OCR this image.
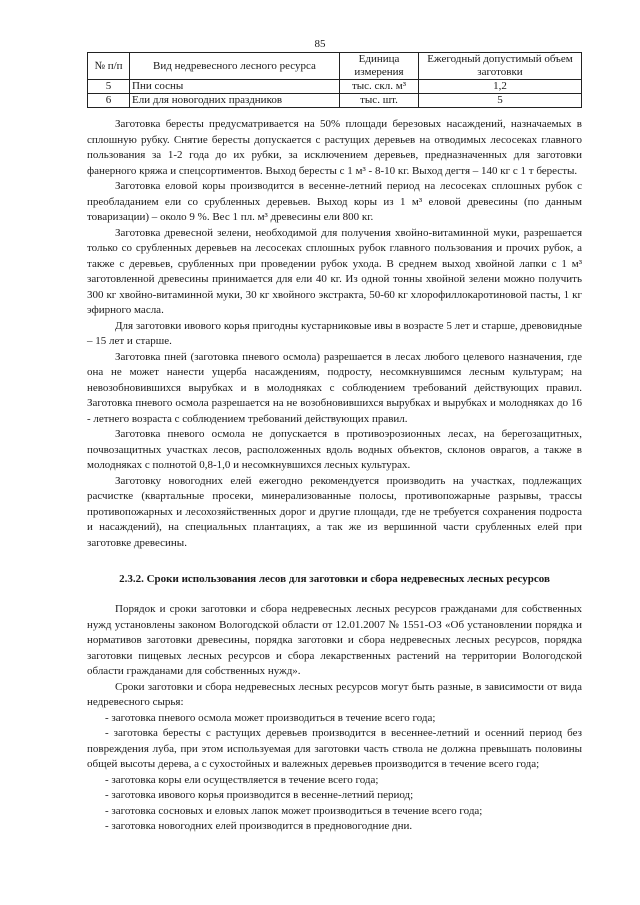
85
№ п/п	Вид недревесного лесного ресурса	Единица измерения	Ежегодный допустимый объем заготовки
5	Пни сосны	тыс. скл. м³	1,2
6	Ели для новогодних праздников	тыс. шт.	5

Заготовка бересты предусматривается на 50% площади березовых насаждений, назначаемых в сплошную рубку. Снятие бересты допускается с растущих деревьев на отводимых лесосеках главного пользования за 1-2 года до их рубки, за исключением деревьев, предназначенных для заготовки фанерного кряжа и спецсортиментов. Выход бересты с 1 м³ - 8-10 кг. Выход дегтя – 140 кг с 1 т бересты.

Заготовка еловой коры производится в весенне-летний период на лесосеках сплошных рубок с преобладанием ели со срубленных деревьев. Выход коры из 1 м³ еловой древесины (по данным товаризации) – около 9 %. Вес 1 пл. м³ древесины ели 800 кг.

Заготовка древесной зелени, необходимой для получения хвойно-витаминной муки, разрешается только со срубленных деревьев на лесосеках сплошных рубок главного пользования и прочих рубок, а также с деревьев, срубленных при проведении рубок ухода. В среднем выход хвойной лапки с 1 м³ заготовленной древесины принимается для ели 40 кг. Из одной тонны хвойной зелени можно получить 300 кг хвойно-витаминной муки, 30 кг хвойного экстракта, 50-60 кг хлорофиллокаротиновой пасты, 1 кг эфирного масла.

Для заготовки ивового корья пригодны кустарниковые ивы в возрасте 5 лет и старше, древовидные – 15 лет и старше.

Заготовка пней (заготовка пневого осмола) разрешается в лесах любого целевого назначения, где она не может нанести ущерба насаждениям, подросту, несомкнувшимся лесным культурам; на невозобновившихся вырубках и в молодняках с соблюдением требований действующих правил. Заготовка пневого осмола разрешается на не возобновившихся вырубках и вырубках и молодняках до 16 - летнего возраста с соблюдением требований действующих правил.

Заготовка пневого осмола не допускается в противоэрозионных лесах, на берегозащитных, почвозащитных участках лесов, расположенных вдоль водных объектов, склонов оврагов, а также в молодняках с полнотой 0,8-1,0 и несомкнувшихся лесных культурах.

Заготовку новогодних елей ежегодно рекомендуется производить на участках, подлежащих расчистке (квартальные просеки, минерализованные полосы, противопожарные разрывы, трассы противопожарных и лесохозяйственных дорог и другие площади, где не требуется сохранения подроста и насаждений), на специальных плантациях, а так же из вершинной части срубленных елей при заготовке древесины.

2.3.2. Сроки использования лесов для заготовки и сбора недревесных лесных ресурсов

Порядок и сроки заготовки и сбора недревесных лесных ресурсов гражданами для собственных нужд установлены законом Вологодской области от 12.01.2007 № 1551-ОЗ «Об установлении порядка и нормативов заготовки древесины, порядка заготовки и сбора недревесных лесных ресурсов, порядка заготовки пищевых лесных ресурсов и сбора лекарственных растений на территории Вологодской области гражданами для собственных нужд».

Сроки заготовки и сбора недревесных лесных ресурсов могут быть разные, в зависимости от вида недревесного сырья:

- заготовка пневого осмола может производиться в течение всего года;

- заготовка бересты с растущих деревьев производится в весеннее-летний и осенний период без повреждения луба, при этом используемая для заготовки часть ствола не должна превышать половины общей высоты дерева, а с сухостойных и валежных деревьев производится в течение всего года;

- заготовка коры ели осуществляется в течение всего года;

- заготовка ивового корья производится в весенне-летний период;

- заготовка сосновых и еловых лапок может производиться в течение всего года;

- заготовка новогодних елей производится в предновогодние дни.
